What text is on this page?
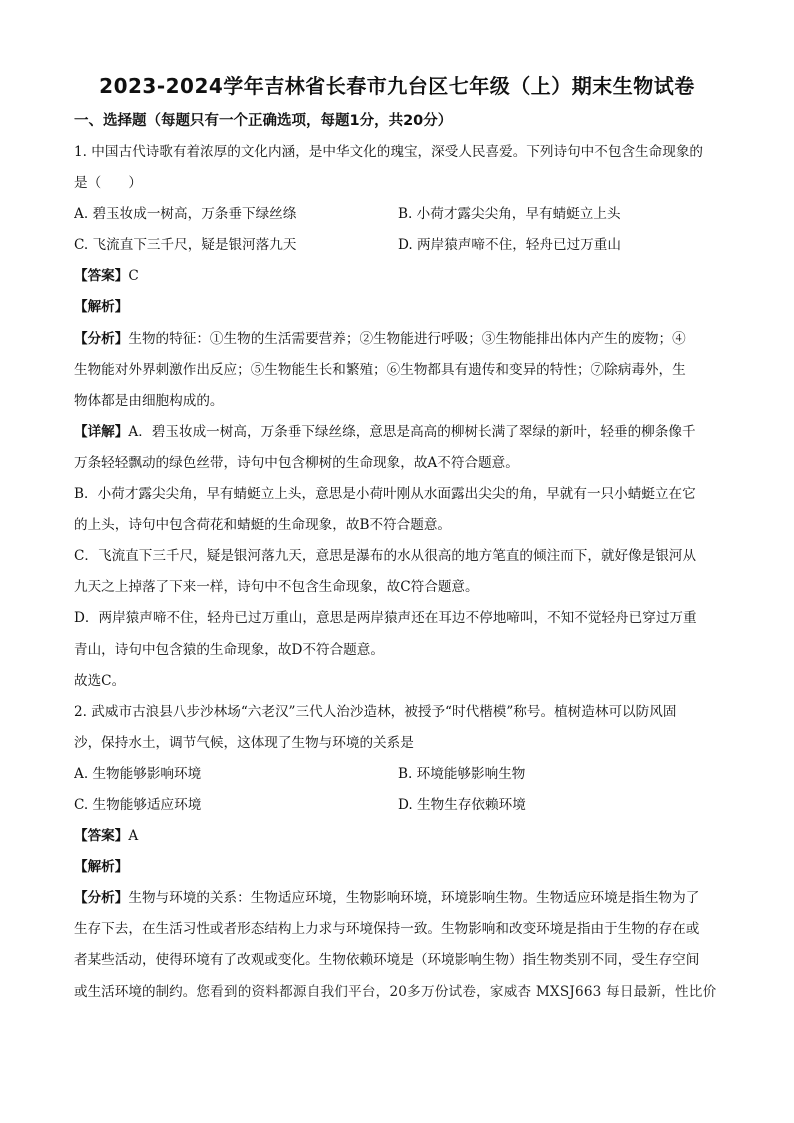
2023-2024学年吉林省长春市九台区七年级（上）期末生物试卷
一、选择题（每题只有一个正确选项，每题1分，共20分）
1. 中国古代诗歌有着浓厚的文化内涵，是中华文化的瑰宝，深受人民喜爱。下列诗句中不包含生命现象的
是（　　）
A. 碧玉妆成一树高，万条垂下绿丝绦	B. 小荷才露尖尖角，早有蜻蜓立上头
C. 飞流直下三千尺，疑是银河落九天	D. 两岸猿声啼不住，轻舟已过万重山
【答案】C
【解析】
【分析】生物的特征：①生物的生活需要营养；②生物能进行呼吸；③生物能排出体内产生的废物；④
生物能对外界刺激作出反应；⑤生物能生长和繁殖；⑥生物都具有遗传和变异的特性；⑦除病毒外，生
物体都是由细胞构成的。
【详解】A．碧玉妆成一树高，万条垂下绿丝绦，意思是高高的柳树长满了翠绿的新叶，轻垂的柳条像千
万条轻轻飘动的绿色丝带，诗句中包含柳树的生命现象，故A不符合题意。
B．小荷才露尖尖角，早有蜻蜓立上头，意思是小荷叶刚从水面露出尖尖的角，早就有一只小蜻蜓立在它
的上头，诗句中包含荷花和蜻蜓的生命现象，故B不符合题意。
C．飞流直下三千尺，疑是银河落九天，意思是瀑布的水从很高的地方笔直的倾注而下，就好像是银河从
九天之上掉落了下来一样，诗句中不包含生命现象，故C符合题意。
D．两岸猿声啼不住，轻舟已过万重山，意思是两岸猿声还在耳边不停地啼叫，不知不觉轻舟已穿过万重
青山，诗句中包含猿的生命现象，故D不符合题意。
故选C。
2. 武威市古浪县八步沙林场“六老汉”三代人治沙造林，被授予“时代楷模”称号。植树造林可以防风固
沙，保持水土，调节气候，这体现了生物与环境的关系是
A. 生物能够影响环境	B. 环境能够影响生物
C. 生物能够适应环境	D. 生物生存依赖环境
【答案】A
【解析】
【分析】生物与环境的关系：生物适应环境，生物影响环境，环境影响生物。生物适应环境是指生物为了
生存下去，在生活习性或者形态结构上力求与环境保持一致。生物影响和改变环境是指由于生物的存在或
者某些活动，使得环境有了改观或变化。生物依赖环境是（环境影响生物）指生物类别不同，受生存空间
或生活环境的制约。您看到的资料都源自我们平台，20多万份试卷，家威杏 MXSJ663 每日最新，性比价
